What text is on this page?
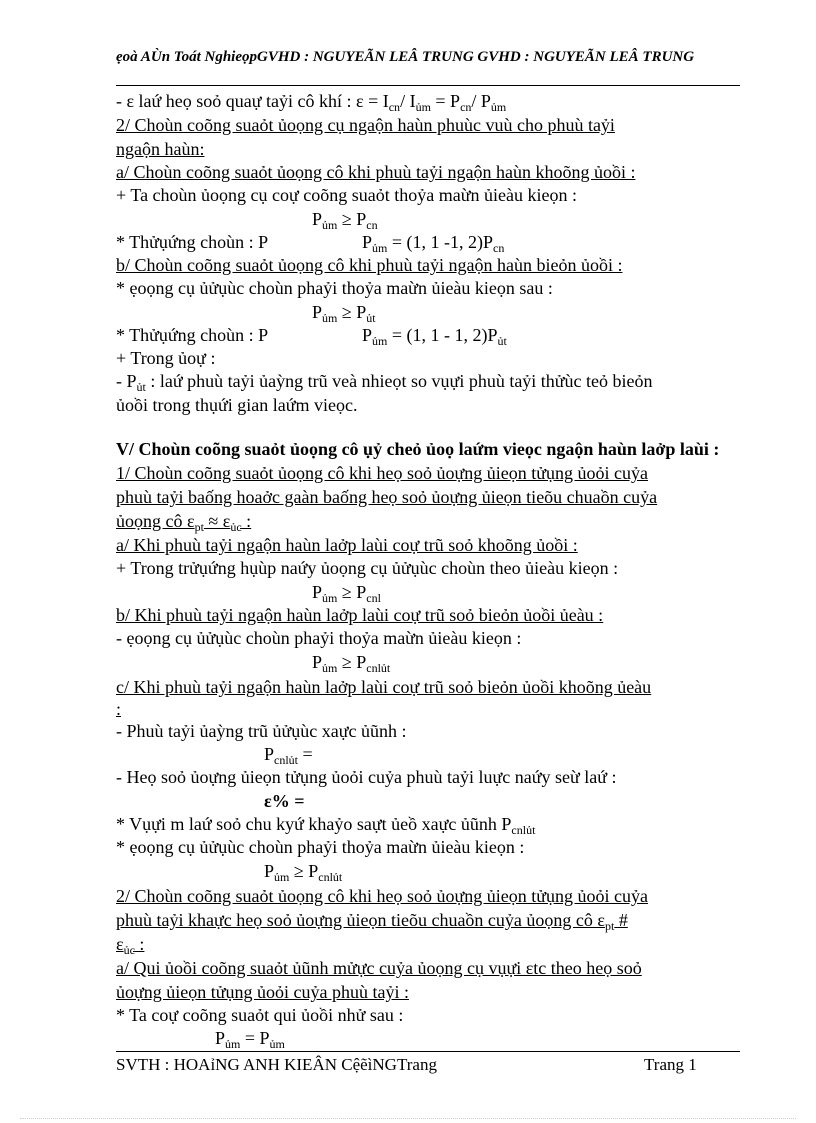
ẹoà AÙn Toát NghieọpGVHD : NGUYEÃN LEÂ TRUNG GVHD : NGUYEÃN LEÂ TRUNG
- ε laứ heọ soỏ quaự taỷi cô khí : $\varepsilon = I_{cn}/$ $I_{ủm} = P_{cn}/$ $P_{ủm}$
2/ Choùn coõng suaỏt ủoọng cụ ngaộn haùn phuùc vuù cho phuù taỷi
ngaộn haùn:
a/ Choùn coõng suaỏt ủoọng cô khi phuù taỷi ngaộn haùn khoõng ủoồi :
+ Ta choùn ủoọng cụ coự coõng suaỏt thoỷa maừn ủieàu kieọn :
$P_{ủm} \ge P_{cn}$
* Thửụứng choùn : P	$P_{ủm} = (1$, 1 -1, $2)P_{cn}$
b/ Choùn coõng suaỏt ủoọng cô khi phuù taỷi ngaộn haùn bieỏn ủoồi :
* ẹoọng cụ ủửụùc choùn phaỷi thoỷa maừn ủieàu kieọn sau :
$P_{ủm} \ge P_{ủt}$
* Thửụứng choùn : P	$P_{ủm} = (1$, 1 - 1, $2)P_{ủt}$
+ Trong ủoự :
- $P_{ủt}$ : laứ phuù taỷi ủaỳng trũ veà nhieọt so vụựi phuù taỷi thửùc teỏ bieỏn
ủoồi trong thụứi gian laứm vieọc.
V/ Choùn coõng suaỏt ủoọng cô ụỷ cheỏ ủoọ laứm vieọc ngaộn haùn laởp laùi :
1/ Choùn coõng suaỏt ủoọng cô khi heọ soỏ ủoựng ủieọn tửụng ủoỏi cuỷa
phuù taỷi baống hoaởc gaàn baống heọ soỏ ủoựng ủieọn tieõu chuaồn cuỷa
ủoọng cô $\varepsilon_{pt} \approx \varepsilon_{ủc}$ :
a/ Khi phuù taỷi ngaộn haùn laởp laùi coự trũ soỏ khoõng ủoồi :
+ Trong trửụứng hụùp naứy ủoọng cụ ủửụùc choùn theo ủieàu kieọn :
$P_{ủm} \ge P_{cnl}$
b/ Khi phuù taỷi ngaộn haùn laởp laùi coự trũ soỏ bieỏn ủoồi ủeàu :
- ẹoọng cụ ủửụùc choùn phaỷi thoỷa maừn ủieàu kieọn :
$P_{ủm} \ge P_{cnlủt}$
c/ Khi phuù taỷi ngaộn haùn laởp laùi coự trũ soỏ bieỏn ủoồi khoõng ủeàu
:
- Phuù taỷi ủaỳng trũ ủửụùc xaực ủũnh :
$P_{cnlủt}$ =
- Heọ soỏ ủoựng ủieọn tửụng ủoỏi cuỷa phuù taỷi luực naứy seừ laứ :
ε% =
* Vụựi m laứ soỏ chu kyứ khaỷo saựt ủeồ xaực ủũnh $P_{cnlủt}$
* ẹoọng cụ ủửụùc choùn phaỷi thoỷa maừn ủieàu kieọn :
$P_{ủm} \ge P_{cnlủt}$
2/ Choùn coõng suaỏt ủoọng cô khi heọ soỏ ủoựng ủieọn tửụng ủoỏi cuỷa
phuù taỷi khaực heọ soỏ ủoựng ủieọn tieõu chuaồn cuỷa ủoọng cô $\varepsilon_{pt}$ #
$\varepsilon_{ủc}$ :
a/ Qui ủoồi coõng suaỏt ủũnh mửực cuỷa ủoọng cụ vụựi εtc theo heọ soỏ
ủoựng ủieọn tửụng ủoỏi cuỷa phuù taỷi :
* Ta coự coõng suaỏt qui ủoồi nhử sau :
$P_{ủm} = P_{ủm}$
SVTH : HOAỉNG ANH KIEÂN CệẽìNGTrang	Trang 1
